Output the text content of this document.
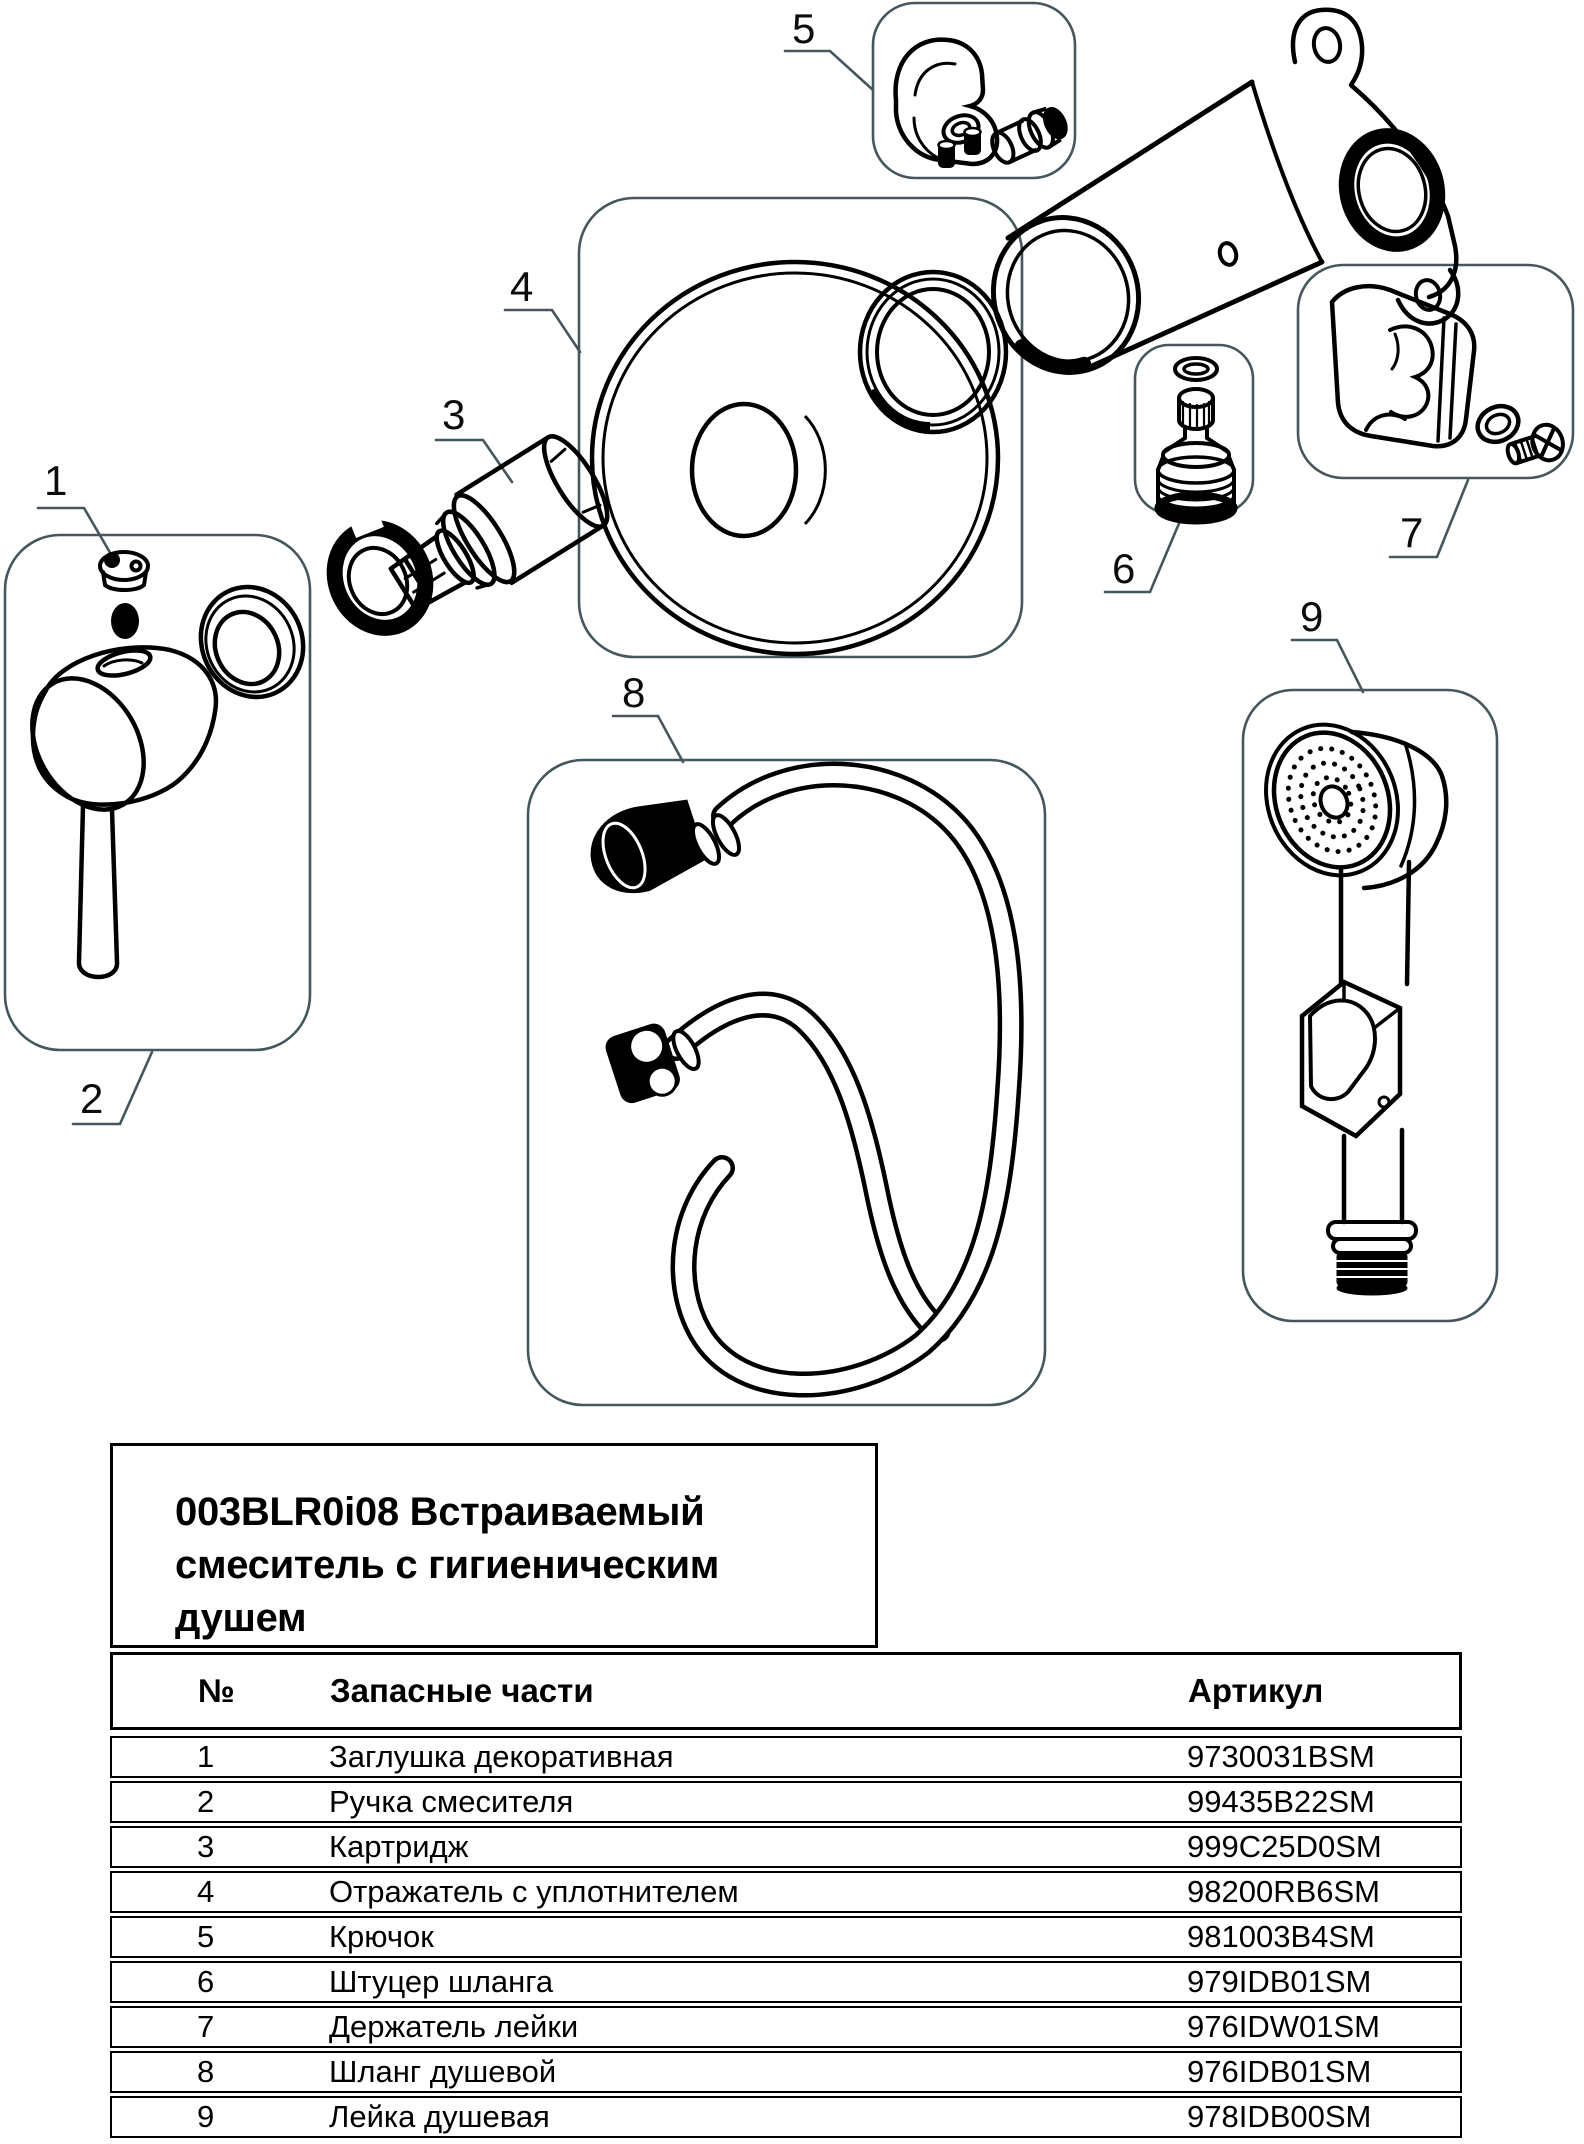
1
2
3
4
5
6
7
8
9
003BLR0i08 Встраиваемый смеситель с гигиеническим душем
№	Запасные части	Артикул
1	Заглушка декоративная	9730031BSM
2	Ручка смесителя	99435B22SM
3	Картридж	999C25D0SM
4	Отражатель с уплотнителем	98200RB6SM
5	Крючок	981003B4SM
6	Штуцер шланга	979IDB01SM
7	Держатель лейки	976IDW01SM
8	Шланг душевой	976IDB01SM
9	Лейка душевая	978IDB00SM
